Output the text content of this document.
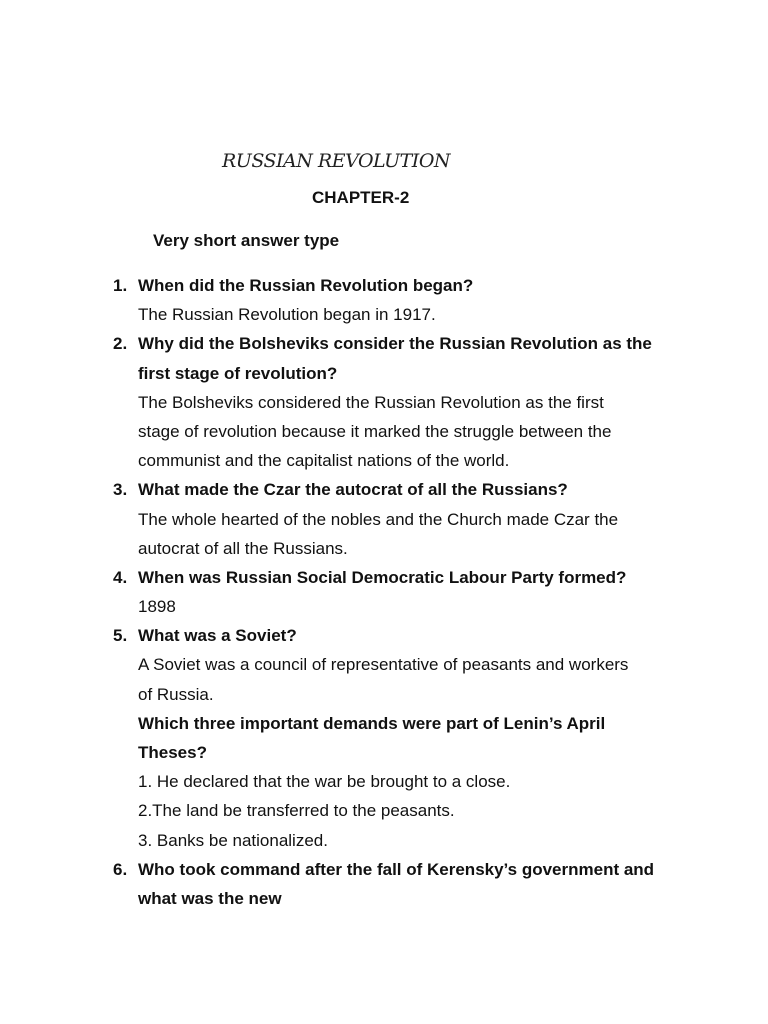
RUSSIAN REVOLUTION
CHAPTER-2
Very short answer type
1. When did the Russian Revolution began?
The Russian Revolution began in 1917.
2. Why did the Bolsheviks consider the Russian Revolution as the
first stage of revolution?
The Bolsheviks considered the Russian Revolution as the first
stage of revolution because it marked the struggle between the
communist and the capitalist nations of the world.
3. What made the Czar the autocrat of all the Russians?
The whole hearted of the nobles and the Church made Czar the
autocrat of all the Russians.
4. When was Russian Social Democratic Labour Party formed?
1898
5. What was a Soviet?
A Soviet was a council of representative of peasants and workers
of Russia.
Which three important demands were part of Lenin’s April
Theses?
1. He declared that the war be brought to a close.
2.The land be transferred to the peasants.
3. Banks be nationalized.
6. Who took command after the fall of Kerensky’s government and
what was the new
